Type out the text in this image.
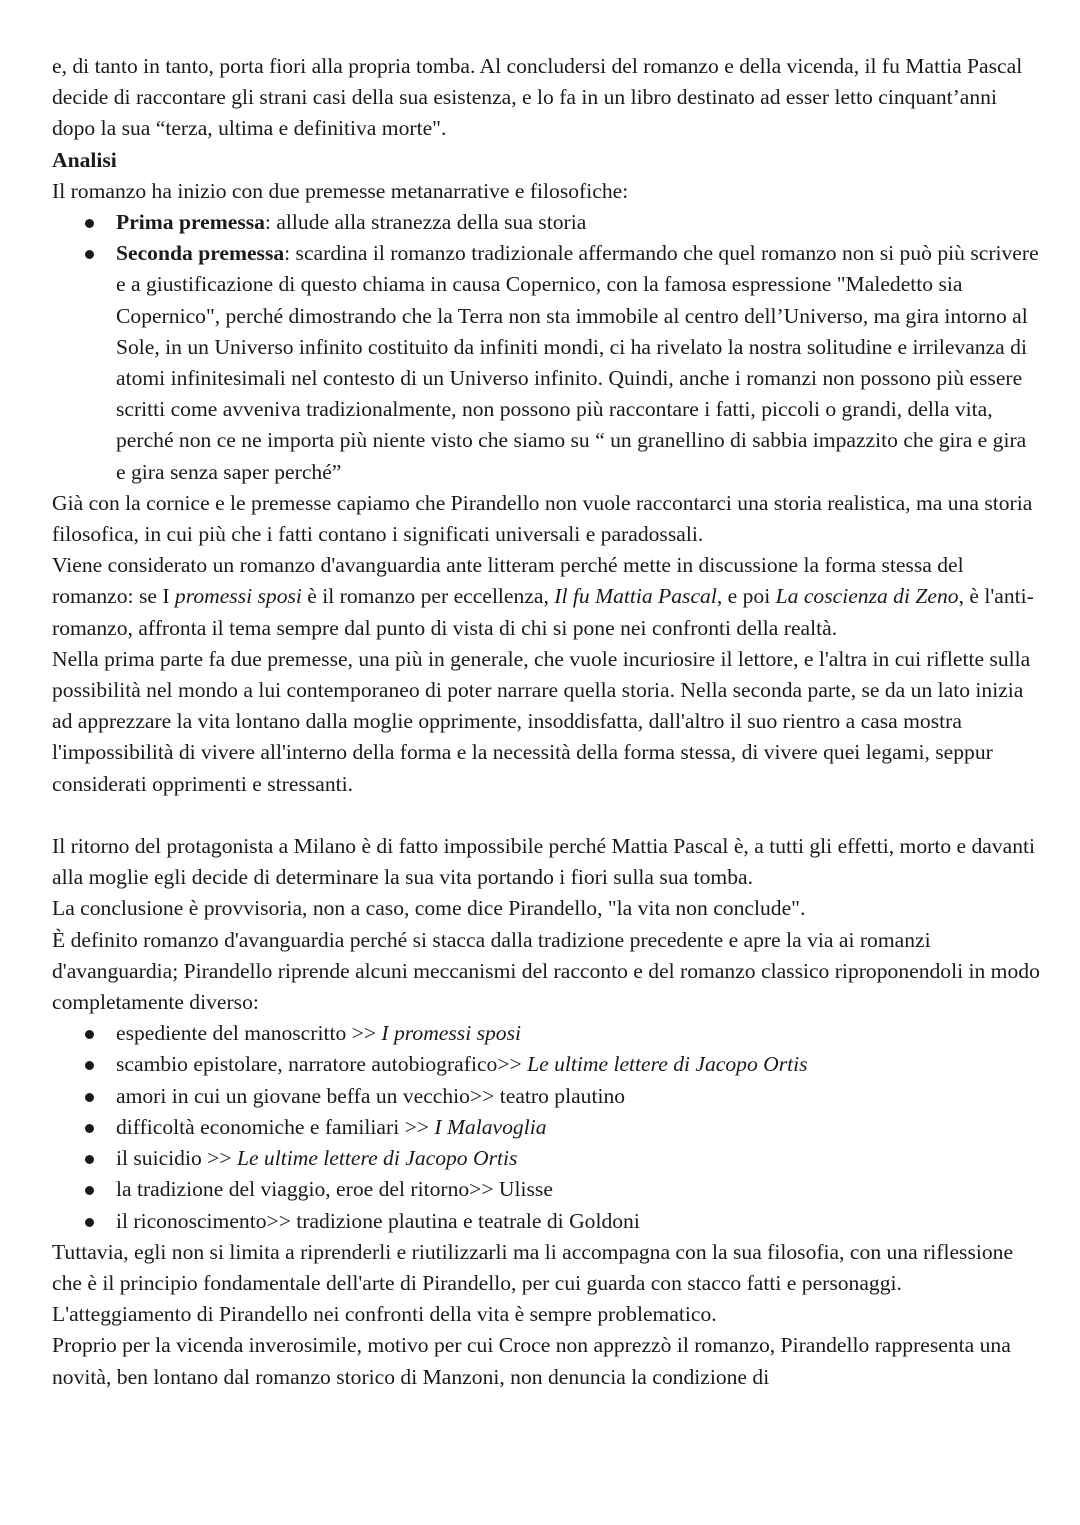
e, di tanto in tanto, porta fiori alla propria tomba. Al concludersi del romanzo e della vicenda, il fu Mattia Pascal decide di raccontare gli strani casi della sua esistenza, e lo fa in un libro destinato ad esser letto cinquant’anni dopo la sua “terza, ultima e definitiva morte".

Analisi

Il romanzo ha inizio con due premesse metanarrative e filosofiche:

Prima premessa: allude alla stranezza della sua storia
Seconda premessa: scardina il romanzo tradizionale affermando che quel romanzo non si può più scrivere e a giustificazione di questo chiama in causa Copernico, con la famosa espressione "Maledetto sia Copernico", perché dimostrando che la Terra non sta immobile al centro dell’Universo, ma gira intorno al Sole, in un Universo infinito costituito da infiniti mondi, ci ha rivelato la nostra solitudine e irrilevanza di atomi infinitesimali nel contesto di un Universo infinito. Quindi, anche i romanzi non possono più essere scritti come avveniva tradizionalmente, non possono più raccontare i fatti, piccoli o grandi, della vita, perché non ce ne importa più niente visto che siamo su “ un granellino di sabbia impazzito che gira e gira e gira senza saper perché”

Già con la cornice e le premesse capiamo che Pirandello non vuole raccontarci una storia realistica, ma una storia filosofica, in cui più che i fatti contano i significati universali e paradossali.

Viene considerato un romanzo d'avanguardia ante litteram perché mette in discussione la forma stessa del romanzo: se I promessi sposi è il romanzo per eccellenza, Il fu Mattia Pascal, e poi La coscienza di Zeno, è l'anti-romanzo, affronta il tema sempre dal punto di vista di chi si pone nei confronti della realtà.

Nella prima parte fa due premesse, una più in generale, che vuole incuriosire il lettore, e l'altra in cui riflette sulla possibilità nel mondo a lui contemporaneo di poter narrare quella storia. Nella seconda parte, se da un lato inizia ad apprezzare la vita lontano dalla moglie opprimente, insoddisfatta, dall'altro il suo rientro a casa mostra l'impossibilità di vivere all'interno della forma e la necessità della forma stessa, di vivere quei legami, seppur considerati opprimenti e stressanti.

Il ritorno del protagonista a Milano è di fatto impossibile perché Mattia Pascal è, a tutti gli effetti, morto e davanti alla moglie egli decide di determinare la sua vita portando i fiori sulla sua tomba.

La conclusione è provvisoria, non a caso, come dice Pirandello, "la vita non conclude".

È definito romanzo d'avanguardia perché si stacca dalla tradizione precedente e apre la via ai romanzi d'avanguardia; Pirandello riprende alcuni meccanismi del racconto e del romanzo classico riproponendoli in modo completamente diverso:

espediente del manoscritto >> I promessi sposi
scambio epistolare, narratore autobiografico>> Le ultime lettere di Jacopo Ortis
amori in cui un giovane beffa un vecchio>> teatro plautino
difficoltà economiche e familiari >> I Malavoglia
il suicidio >> Le ultime lettere di Jacopo Ortis
la tradizione del viaggio, eroe del ritorno>> Ulisse
il riconoscimento>> tradizione plautina e teatrale di Goldoni

Tuttavia, egli non si limita a riprenderli e riutilizzarli ma li accompagna con la sua filosofia, con una riflessione che è il principio fondamentale dell'arte di Pirandello, per cui guarda con stacco fatti e personaggi. L'atteggiamento di Pirandello nei confronti della vita è sempre problematico.

Proprio per la vicenda inverosimile, motivo per cui Croce non apprezzò il romanzo, Pirandello rappresenta una novità, ben lontano dal romanzo storico di Manzoni, non denuncia la condizione di
